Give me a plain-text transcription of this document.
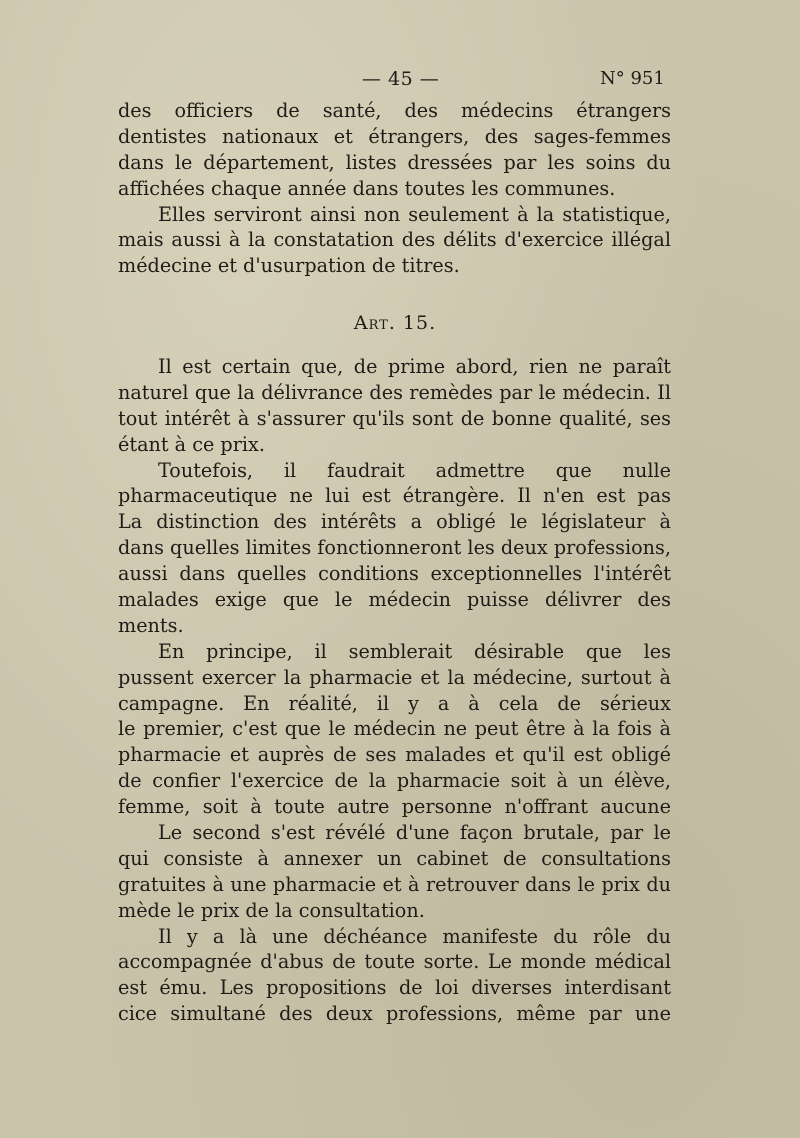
— 45 —	N° 951
des officiers de santé, des médecins étrangers
dentistes nationaux et étrangers, des sages-femmes
dans le département, listes dressées par les soins du
affichées chaque année dans toutes les communes.
Elles serviront ainsi non seulement à la statistique,
mais aussi à la constatation des délits d'exercice illégal
médecine et d'usurpation de titres.
Art. 15.
Il est certain que, de prime abord, rien ne paraît
naturel que la délivrance des remèdes par le médecin. Il
tout intérêt à s'assurer qu'ils sont de bonne qualité, ses
étant à ce prix.
Toutefois, il faudrait admettre que nulle
pharmaceutique ne lui est étrangère. Il n'en est pas
La distinction des intérêts a obligé le législateur à
dans quelles limites fonctionneront les deux professions,
aussi dans quelles conditions exceptionnelles l'intérêt
malades exige que le médecin puisse délivrer des
ments.
En principe, il semblerait désirable que les
pussent exercer la pharmacie et la médecine, surtout à
campagne. En réalité, il y a à cela de sérieux
le premier, c'est que le médecin ne peut être à la fois à
pharmacie et auprès de ses malades et qu'il est obligé
de confier l'exercice de la pharmacie soit à un élève,
femme, soit à toute autre personne n'offrant aucune
Le second s'est révélé d'une façon brutale, par le
qui consiste à annexer un cabinet de consultations
gratuites à une pharmacie et à retrouver dans le prix du
mède le prix de la consultation.
Il y a là une déchéance manifeste du rôle du
accompagnée d'abus de toute sorte. Le monde médical
est ému. Les propositions de loi diverses interdisant
cice simultané des deux professions, même par une
